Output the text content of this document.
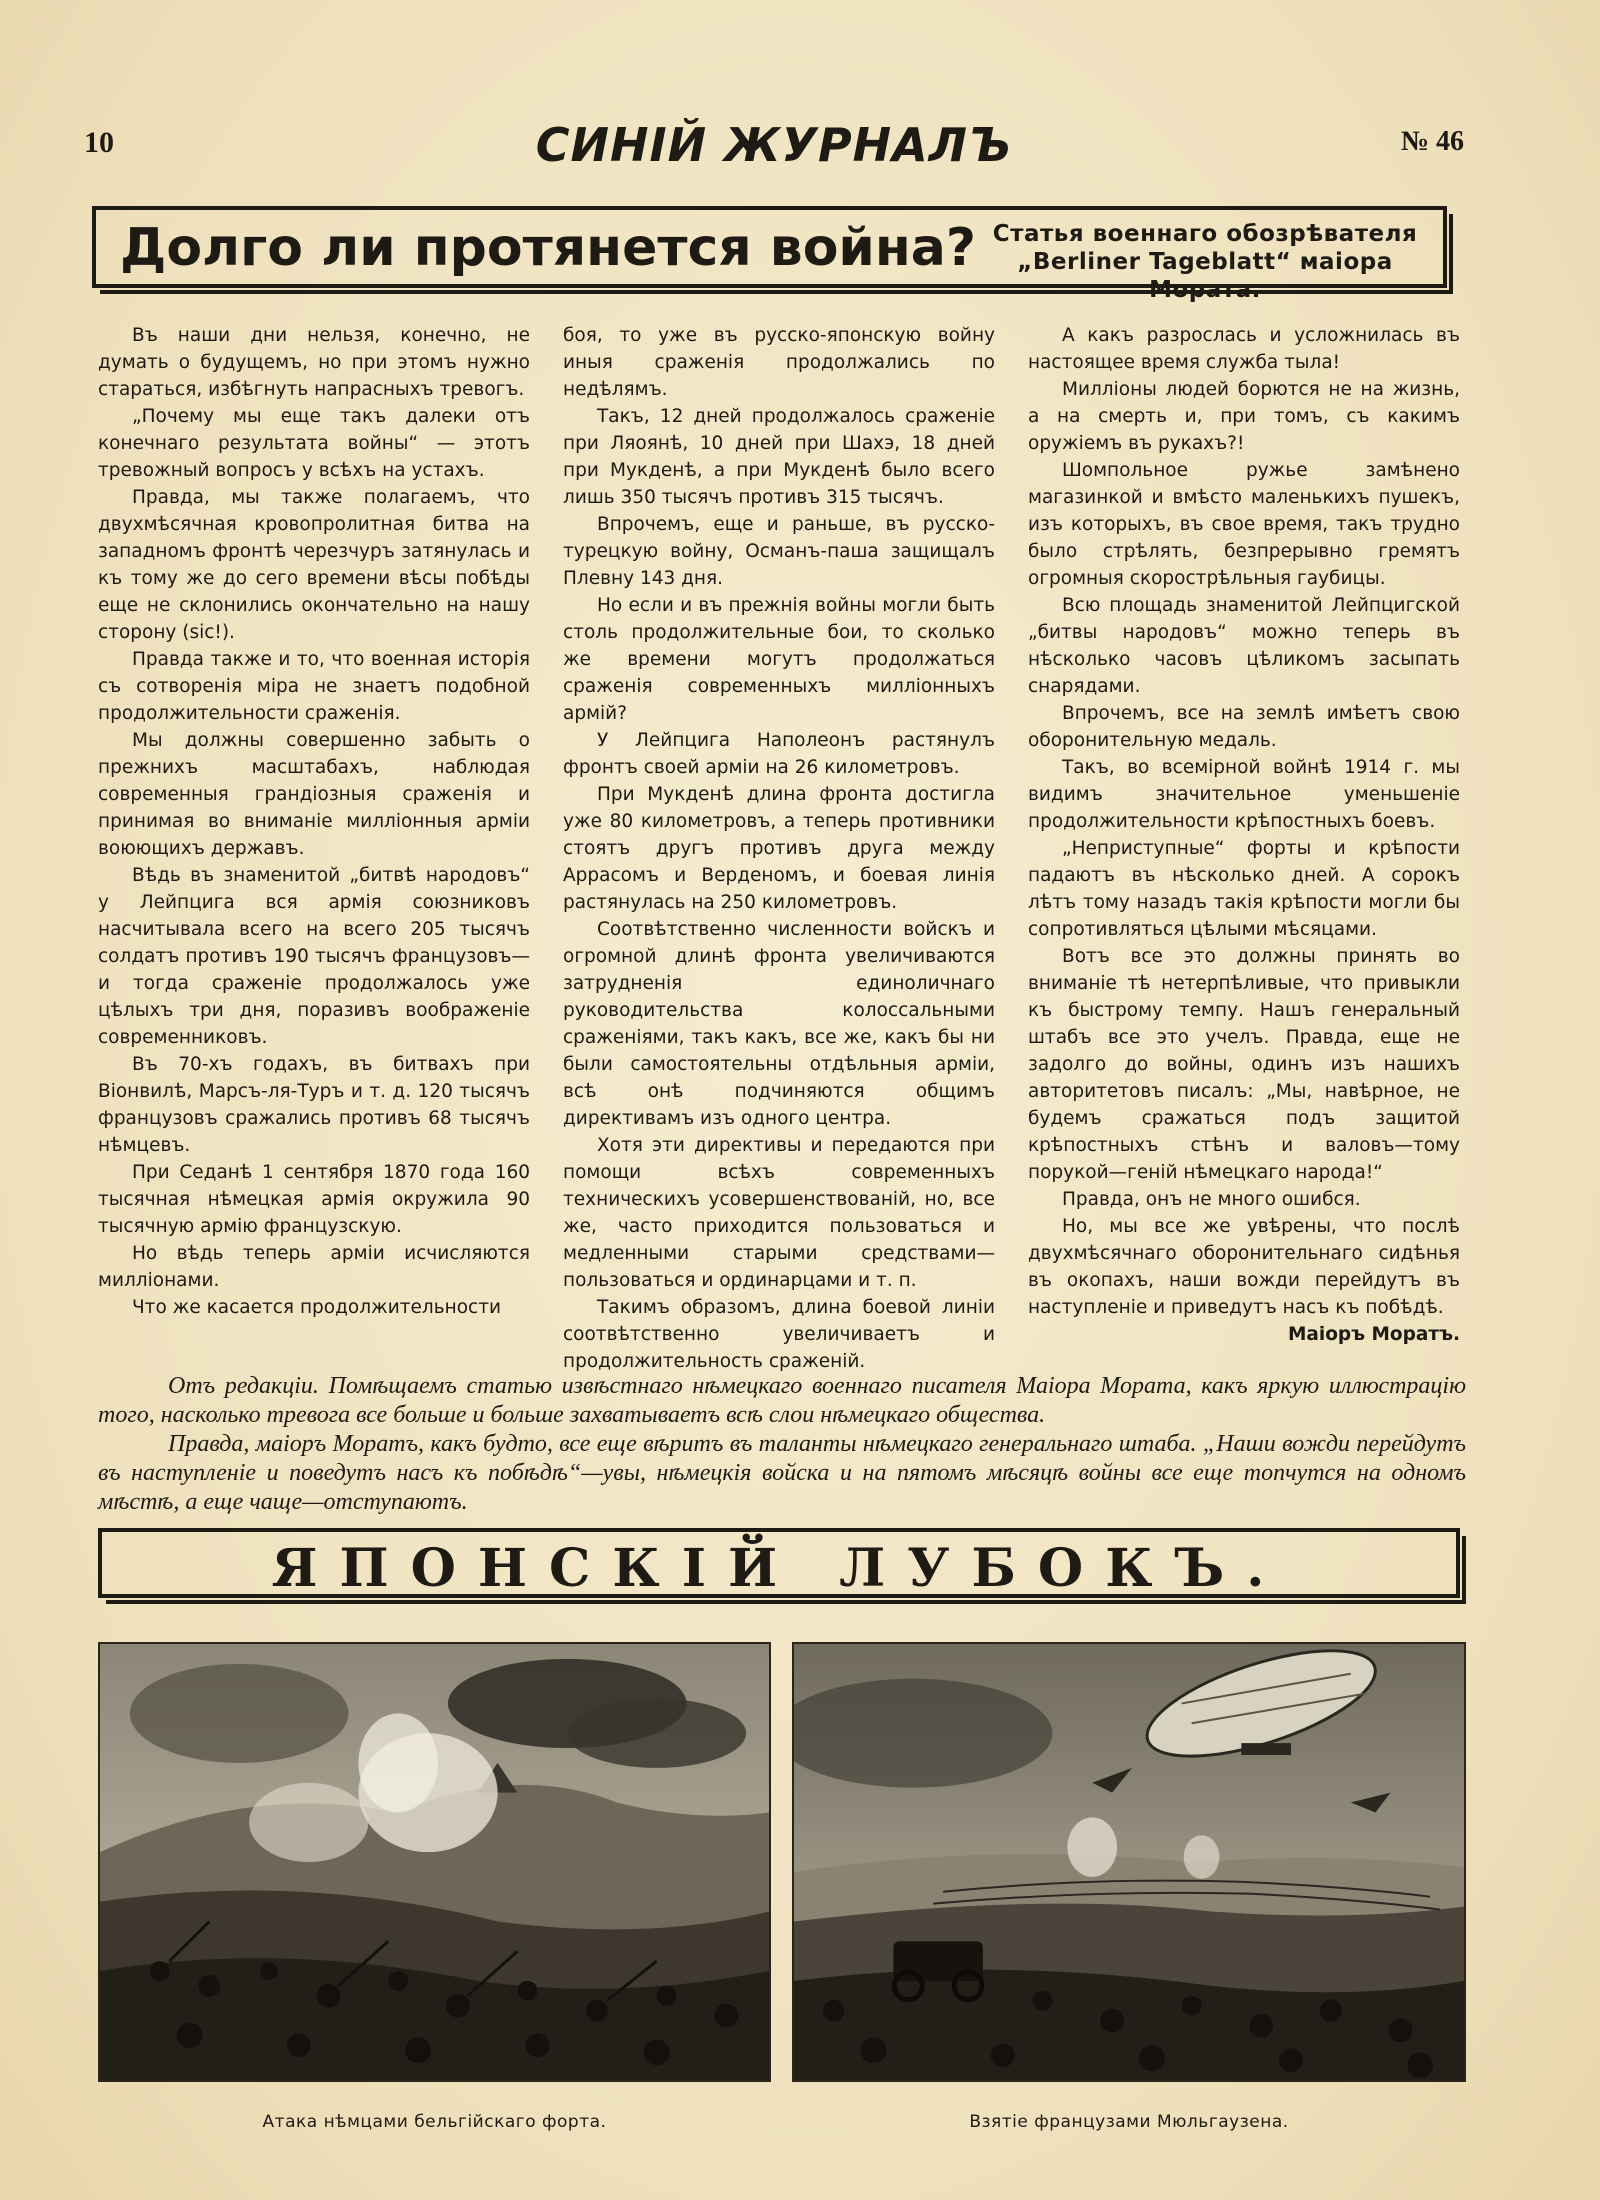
10	СИНІЙ ЖУРНАЛЪ	№ 46
Долго ли протянется война? Статья военнаго обозрѣвателя
„Berliner Tageblatt“ маіора Мората.

Въ наши дни нельзя, конечно, не думать о будущемъ, но при этомъ нужно стараться, избѣгнуть напрасныхъ тревогъ.

„Почему мы еще такъ далеки отъ конечнаго результата войны“ — этотъ тревожный вопросъ у всѣхъ на устахъ.

Правда, мы также полагаемъ, что двухмѣсячная кровопролитная битва на западномъ фронтѣ черезчуръ затянулась и къ тому же до сего времени вѣсы побѣды еще не склонились окончательно на нашу сторону (sic!).

Правда также и то, что военная исторія съ сотворенія міра не знаетъ подобной продолжительности сраженія.

Мы должны совершенно забыть о прежнихъ масштабахъ, наблюдая современныя грандіозныя сраженія и принимая во вниманіе милліонныя арміи воюющихъ державъ.

Вѣдь въ знаменитой „битвѣ народовъ“ у Лейпцига вся армія союзниковъ насчитывала всего на всего 205 тысячъ солдатъ противъ 190 тысячъ французовъ—и тогда сраженіе продолжалось уже цѣлыхъ три дня, поразивъ воображеніе современниковъ.

Въ 70-хъ годахъ, въ битвахъ при Віонвилѣ, Марсъ-ля-Туръ и т. д. 120 тысячъ французовъ сражались противъ 68 тысячъ нѣмцевъ.

При Седанѣ 1 сентября 1870 года 160 тысячная нѣмецкая армія окружила 90 тысячную армію французскую.

Но вѣдь теперь арміи исчисляются милліонами.

Что же касается продолжительности

боя, то уже въ русско-японскую войну иныя сраженія продолжались по недѣлямъ.

Такъ, 12 дней продолжалось сраженіе при Ляоянѣ, 10 дней при Шахэ, 18 дней при Мукденѣ, а при Мукденѣ было всего лишь 350 тысячъ противъ 315 тысячъ.

Впрочемъ, еще и раньше, въ русско-турецкую войну, Османъ-паша защищалъ Плевну 143 дня.

Но если и въ прежнія войны могли быть столь продолжительные бои, то сколько же времени могутъ продолжаться сраженія современныхъ милліонныхъ армій?

У Лейпцига Наполеонъ растянулъ фронтъ своей арміи на 26 километровъ.

При Мукденѣ длина фронта достигла уже 80 километровъ, а теперь противники стоятъ другъ противъ друга между Аррасомъ и Верденомъ, и боевая линія растянулась на 250 километровъ.

Соотвѣтственно численности войскъ и огромной длинѣ фронта увеличиваются затрудненія единоличнаго руководительства колоссальными сраженіями, такъ какъ, все же, какъ бы ни были самостоятельны отдѣльныя арміи, всѣ онѣ подчиняются общимъ директивамъ изъ одного центра.

Хотя эти директивы и передаются при помощи всѣхъ современныхъ техническихъ усовершенствованій, но, все же, часто приходится пользоваться и медленными старыми средствами—пользоваться и ординарцами и т. п.

Такимъ образомъ, длина боевой линіи соотвѣтственно увеличиваетъ и продолжительность сраженій.

А какъ разрослась и усложнилась въ настоящее время служба тыла!

Милліоны людей борются не на жизнь, а на смерть и, при томъ, съ какимъ оружіемъ въ рукахъ?!

Шомпольное ружье замѣнено магазинкой и вмѣсто маленькихъ пушекъ, изъ которыхъ, въ свое время, такъ трудно было стрѣлять, безпрерывно гремятъ огромныя скорострѣльныя гаубицы.

Всю площадь знаменитой Лейпцигской „битвы народовъ“ можно теперь въ нѣсколько часовъ цѣликомъ засыпать снарядами.

Впрочемъ, все на землѣ имѣетъ свою оборонительную медаль.

Такъ, во всемірной войнѣ 1914 г. мы видимъ значительное уменьшеніе продолжительности крѣпостныхъ боевъ.

„Неприступные“ форты и крѣпости падаютъ въ нѣсколько дней. А сорокъ лѣтъ тому назадъ такія крѣпости могли бы сопротивляться цѣлыми мѣсяцами.

Вотъ все это должны принять во вниманіе тѣ нетерпѣливые, что привыкли къ быстрому темпу. Нашъ генеральный штабъ все это учелъ. Правда, еще не задолго до войны, одинъ изъ нашихъ авторитетовъ писалъ: „Мы, навѣрное, не будемъ сражаться подъ защитой крѣпостныхъ стѣнъ и валовъ—тому порукой—геній нѣмецкаго народа!“

Правда, онъ не много ошибся.

Но, мы все же увѣрены, что послѣ двухмѣсячнаго оборонительнаго сидѣнья въ окопахъ, наши вожди перейдутъ въ наступленіе и приведутъ насъ къ побѣдѣ.

Маіоръ Моратъ.

Отъ редакціи. Помѣщаемъ статью извѣстнаго нѣмецкаго военнаго писателя Маіора Мората, какъ яркую иллюстрацію того, насколько тревога все больше и больше захватываетъ всѣ слои нѣмецкаго общества.

Правда, маіоръ Моратъ, какъ будто, все еще вѣритъ въ таланты нѣмецкаго генеральнаго штаба. „Наши вожди перейдутъ въ наступленіе и поведутъ насъ къ побѣдѣ“—увы, нѣмецкія войска и на пятомъ мѣсяцѣ войны все еще топчутся на одномъ мѣстѣ, а еще чаще—отступаютъ.

ЯПОНСКІЙ ЛУБОКЪ.
Атака нѣмцами бельгійскаго форта.	Взятіе французами Мюльгаузена.
